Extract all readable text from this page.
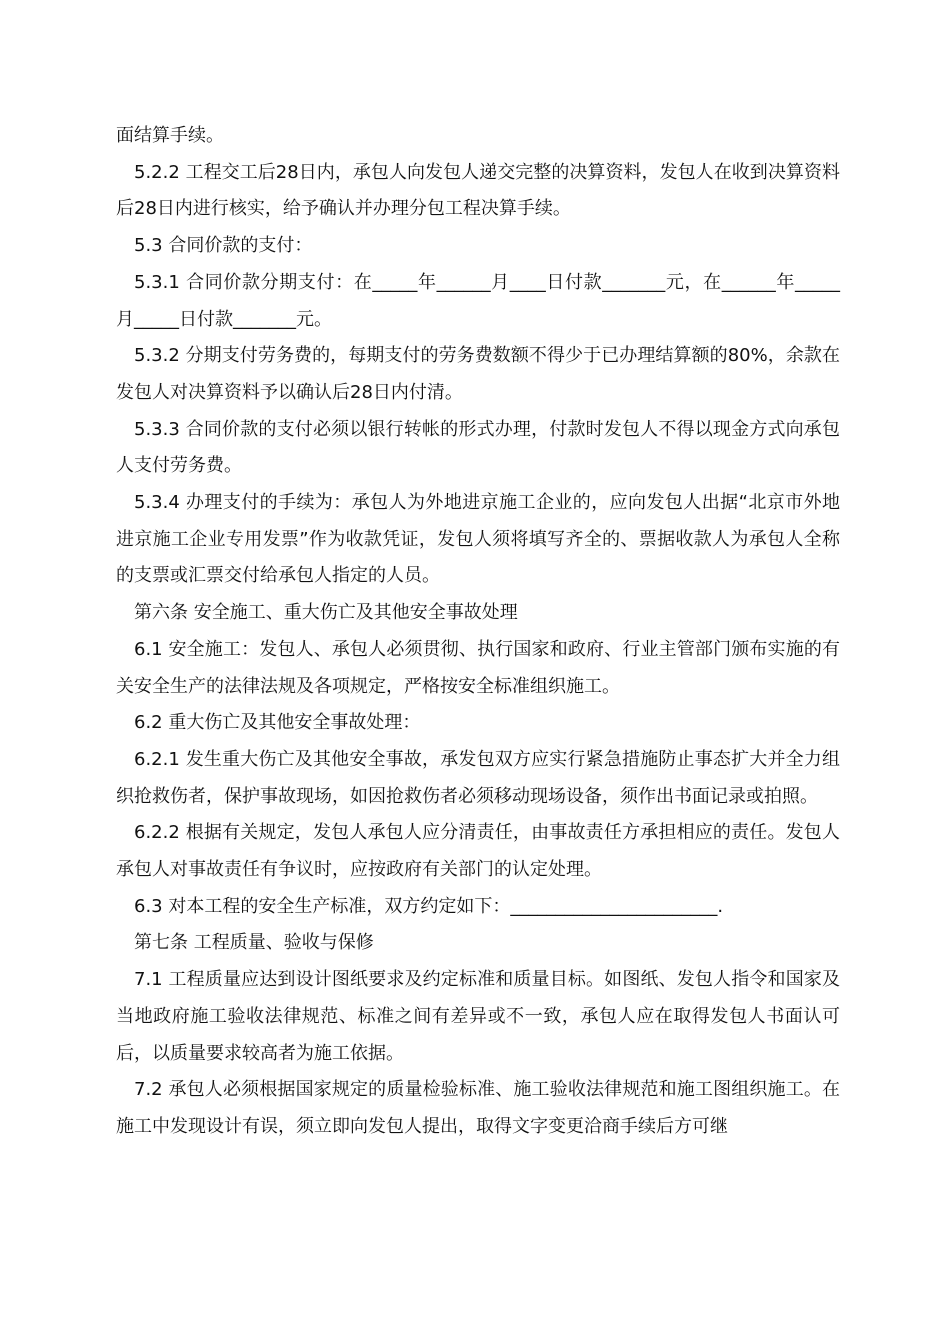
面结算手续。

5.2.2 工程交工后28日内，承包人向发包人递交完整的决算资料，发包人在收到决算资料后28日内进行核实，给予确认并办理分包工程决算手续。

5.3 合同价款的支付：

5.3.1 合同价款分期支付：在_____年______月____日付款_______元，在______年_____月_____日付款_______元。

5.3.2 分期支付劳务费的，每期支付的劳务费数额不得少于已办理结算额的80%，余款在发包人对决算资料予以确认后28日内付清。

5.3.3 合同价款的支付必须以银行转帐的形式办理，付款时发包人不得以现金方式向承包人支付劳务费。

5.3.4 办理支付的手续为：承包人为外地进京施工企业的，应向发包人出据“北京市外地进京施工企业专用发票”作为收款凭证，发包人须将填写齐全的、票据收款人为承包人全称的支票或汇票交付给承包人指定的人员。

第六条 安全施工、重大伤亡及其他安全事故处理

6.1 安全施工：发包人、承包人必须贯彻、执行国家和政府、行业主管部门颁布实施的有关安全生产的法律法规及各项规定，严格按安全标准组织施工。

6.2 重大伤亡及其他安全事故处理：

6.2.1 发生重大伤亡及其他安全事故，承发包双方应实行紧急措施防止事态扩大并全力组织抢救伤者，保护事故现场，如因抢救伤者必须移动现场设备，须作出书面记录或拍照。

6.2.2 根据有关规定，发包人承包人应分清责任，由事故责任方承担相应的责任。发包人承包人对事故责任有争议时，应按政府有关部门的认定处理。

6.3 对本工程的安全生产标准，双方约定如下：_______________________.

第七条 工程质量、验收与保修

7.1 工程质量应达到设计图纸要求及约定标准和质量目标。如图纸、发包人指令和国家及当地政府施工验收法律规范、标准之间有差异或不一致，承包人应在取得发包人书面认可后，以质量要求较高者为施工依据。

7.2 承包人必须根据国家规定的质量检验标准、施工验收法律规范和施工图组织施工。在施工中发现设计有误，须立即向发包人提出，取得文字变更洽商手续后方可继
